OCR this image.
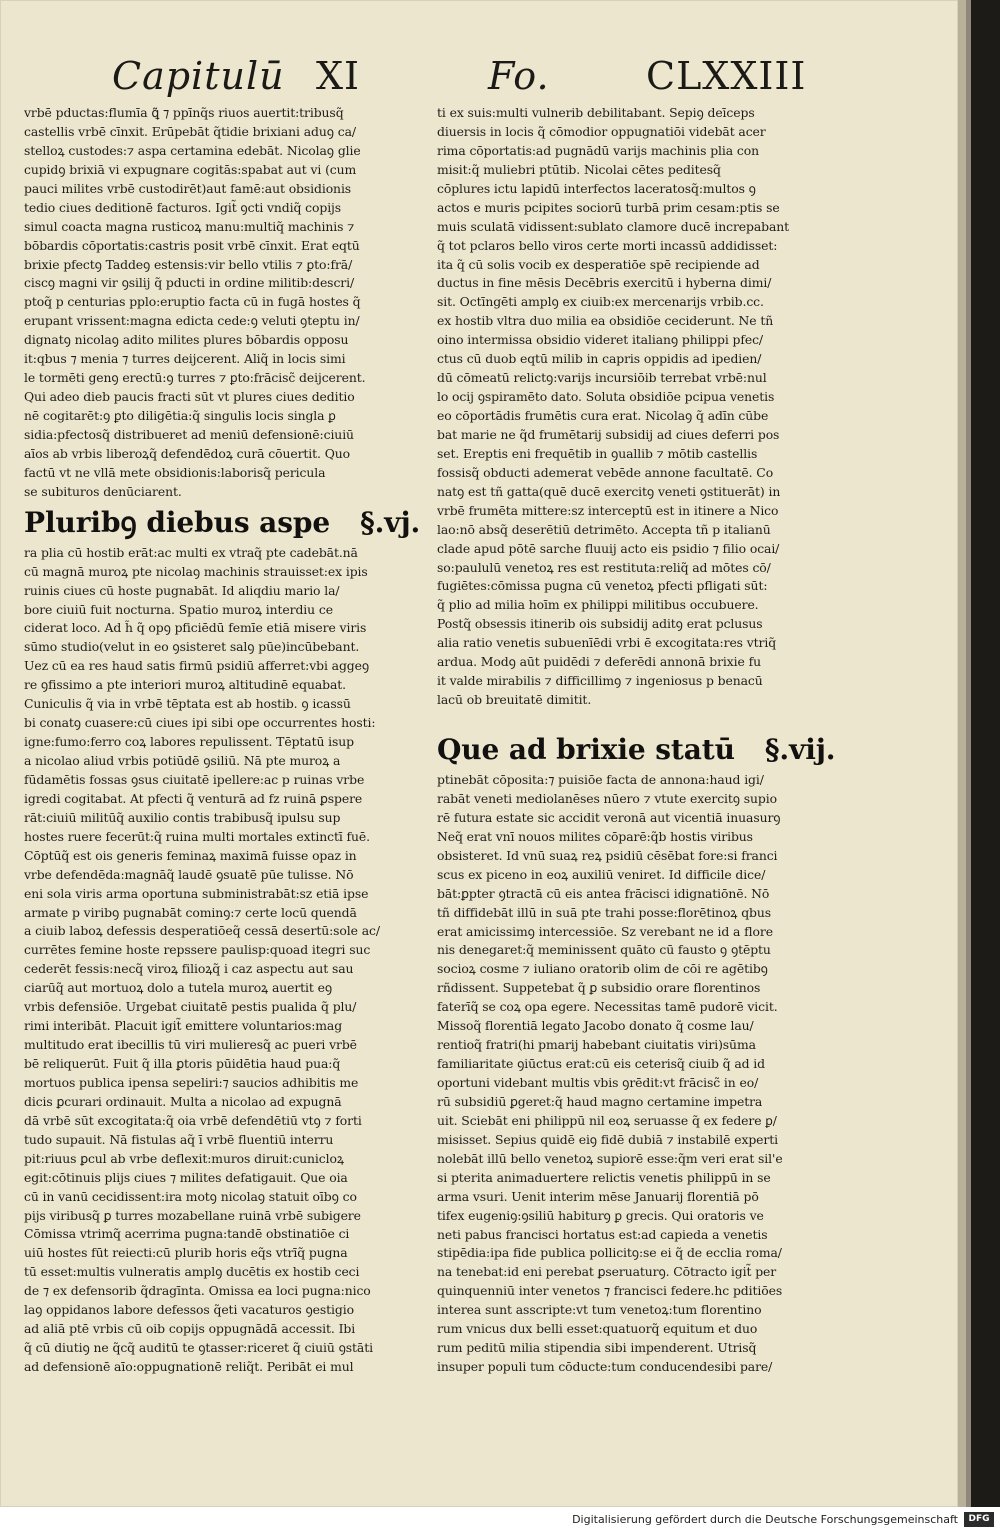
Capitulū XI	Fo.	CLXXIII
vrbē pductas:flumīa ꝗ̃ ⁊ ppīnq̃s riuos auertit:tribusq̃
castellis vrbē cīnxit. Erūpebāt q̃tidie brixiani aduꝯ ca/
stelloꝝ custodes:⁊ aspa certamina edebāt. Nicolaꝯ glie
cupidꝯ brixiā vi expugnare cogitās:spabat aut vi (cum
pauci milites vrbē custodirēt)aut famē:aut obsidionis
tedio ciues deditionē facturos. Igit̃ ꝯcti vndiq̃ copijs
simul coacta magna rusticoꝝ manu:multiq̃ machinis ⁊
bōbardis cōportatis:castris posit vrbē cīnxit. Erat eqtū
brixie pfectꝯ Taddeꝯ estensis:vir bello vtilis ⁊ ꝑto:frā/
ciscꝯ magni vir ꝯsilij q̃ pducti in ordine militib:descri/
ptoq̃ p centurias pplo:eruptio facta cū in fugā hostes q̃
erupant vrissent:magna edicta cede:ꝯ veluti ꝯteptu in/
dignatꝯ nicolaꝯ adito milites plures bōbardis opposu
it:qbus ⁊ menia ⁊ turres deijcerent. Aliq̃ in locis simi
le tormēti genꝯ erectū:ꝯ turres ⁊ ꝑto:frācisc̃ deijcerent.
Qui adeo dieb paucis fracti sūt vt plures ciues deditio
nē cogitarēt:ꝯ ꝑto diligētia:q̃ singulis locis singla ꝑ
sidia:pfectosq̃ distribueret ad meniū defensionē:ciuiū
aīos ab vrbis liberoꝝq̃ defendēdoꝝ curā cōuertit. Quo
factū vt ne vllā mete obsidionis:laborisq̃ pericula
se subituros denūciarent.
Pluribꝯ diebus aspe §.vj.
ra plia cū hostib erāt:ac multi ex vtraq̃ pte cadebāt.nā
cū magnā muroꝝ pte nicolaꝯ machinis strauisset:ex ipis
ruinis ciues cū hoste pugnabāt. Id aliqdiu mario la/
bore ciuiū fuit nocturna. Spatio muroꝝ interdiu ce
ciderat loco. Ad h̃ q̃ opꝯ pficiēdū femīe etiā misere viris
sūmo studio(velut in eo ꝯsisteret salꝯ pūe)incūbebant.
Uez cū ea res haud satis firmū psidiū afferret:vbi aggeꝯ
re ꝯfissimo a pte interiori muroꝝ altitudinē equabat.
Cuniculis q̃ via in vrbē tēptata est ab hostib. ꝯ icassū
bi conatꝯ cuasere:cū ciues ipi sibi ope occurrentes hosti:
igne:fumo:ferro coꝝ labores repulissent. Tēptatū isup
a nicolao aliud vrbis potiūdē ꝯsiliū. Nā pte muroꝝ a
fūdamētis fossas ꝯsus ciuitatē ipellere:ac p ruinas vrbe
igredi cogitabat. At pfecti q̃ venturā ad fz ruinā ꝑspere
rāt:ciuiū militūq̃ auxilio contis trabibusq̃ ipulsu sup
hostes ruere fecerūt:q̃ ruina multi mortales extinctī fuē.
Cōptūq̃ est ois generis feminaꝝ maximā fuisse opaz in
vrbe defendēda:magnāq̃ laudē ꝯsuatē pūe tulisse. Nō
eni sola viris arma oportuna subministrabāt:sz etiā ipse
armate p viribꝯ pugnabāt cominꝯ:⁊ certe locū quendā
a ciuib laboꝝ defessis desperatiōeq̃ cessā desertū:sole ac/
currētes femine hoste repssere paulisp:quoad itegri suc
cederēt fessis:necq̃ viroꝝ filioꝝq̃ i caz aspectu aut sau
ciarūq̃ aut mortuoꝝ dolo a tutela muroꝝ auertit eꝯ
vrbis defensiōe. Urgebat ciuitatē pestis pualida q̃ plu/
rimi interibāt. Placuit igit̃ emittere voluntarios:mag
multitudo erat ibecillis tū viri mulieresq̃ ac pueri vrbē
bē reliquerūt. Fuit q̃ illa ꝑtoris pūidētia haud pua:q̃
mortuos publica ipensa sepeliri:⁊ saucios adhibitis me
dicis ꝑcurari ordinauit. Multa a nicolao ad expugnā
dā vrbē sūt excogitata:q̃ oia vrbē defendētiū vtꝯ ⁊ forti
tudo supauit. Nā fistulas aq̃ ī vrbē fluentiū interru
pit:riuus ꝑcul ab vrbe deflexit:muros diruit:cunicloꝝ
egit:cōtinuis plijs ciues ⁊ milites defatigauit. Que oia
cū in vanū cecidissent:ira motꝯ nicolaꝯ statuit oībꝯ co
pijs viribusq̃ ꝑ turres mozabellane ruinā vrbē subigere
Cōmissa vtrimq̃ acerrima pugna:tandē obstinatiōe ci
uiū hostes fūt reiecti:cū plurib horis eq̃s vtrīq̃ pugna
tū esset:multis vulneratis amplꝯ ducētis ex hostib ceci
de ⁊ ex defensorib q̃dragīnta. Omissa ea loci pugna:nico
laꝯ oppidanos labore defessos q̃eti vacaturos ꝯestigio
ad aliā ptē vrbis cū oib copijs oppugnādā accessit. Ibi
q̃ cū diutiꝯ ne q̃cq̃ auditū te ꝯtasser:riceret q̃ ciuiū ꝯstāti
ad defensionē aīo:oppugnationē reliq̃t. Peribāt ei mul
ti ex suis:multi vulnerib debilitabant. Sepiꝯ deīceps
diuersis in locis q̃ cōmodior oppugnatiōi videbāt acer
rima cōportatis:ad pugnādū varijs machinis plia con
misit:q̃ muliebri ptūtib. Nicolai cētes peditesq̃
cōplures ictu lapidū interfectos laceratosq̃:multos ꝯ
actos e muris pcipites sociorū turbā prim cesam:ptis se
muis sculatā vidissent:sublato clamore ducē increpabant
q̃ tot pclaros bello viros certe morti incassū addidisset:
ita q̃ cū solis vocib ex desperatiōe spē recipiende ad
ductus in fine mēsis Decēbris exercitū i hyberna dimi/
sit. Octīngēti amplꝯ ex ciuib:ex mercenarijs vrbib.cc.
ex hostib vltra duo milia ea obsidiōe ceciderunt. Ne tñ
oino intermissa obsidio videret italianꝯ philippi pfec/
ctus cū duob eqtū milib in capris oppidis ad ipedien/
dū cōmeatū relictꝯ:varijs incursiōib terrebat vrbē:nul
lo ocij ꝯspiramēto dato. Soluta obsidiōe pcipua venetis
eo cōportādis frumētis cura erat. Nicolaꝯ q̃ adīn cūbe
bat marie ne q̃d frumētarij subsidij ad ciues deferri pos
set. Ereptis eni frequētib in ꝯuallib ⁊ mōtib castellis
fossisq̃ obducti ademerat vebēde annone facultatē. Co
natꝯ est tñ gatta(quē ducē exercitꝯ veneti ꝯstituerāt) in
vrbē frumēta mittere:sz interceptū est in itinere a Nico
lao:nō absq̃ deserētiū detrimēto. Accepta tñ p italianū
clade apud pōtē sarche fluuij acto eis psidio ⁊ filio ocai/
so:paululū venetoꝝ res est restituta:reliq̃ ad mōtes cō/
fugiētes:cōmissa pugna cū venetoꝝ pfecti pfligati sūt:
q̃ plio ad milia hoīm ex philippi militibus occubuere.
Postq̃ obsessis itinerib ois subsidij aditꝯ erat pclusus
alia ratio venetis subuenīēdi vrbi ē excogitata:res vtriq̃
ardua. Modꝯ aūt puidēdi ⁊ deferēdi annonā brixie fu
it valde mirabilis ⁊ difficillimꝯ ⁊ ingeniosus p benacū
lacū ob breuitatē dimitit.
Que ad brixie statū §.vij.
ptinebāt cōposita:⁊ puisiōe facta de annona:haud igi/
rabāt veneti mediolanēses nūero ⁊ vtute exercitꝯ supio
rē futura estate sic accidit veronā aut vicentiā inuasurꝯ
Neq̃ erat vnī nouos milites cōparē:q̃b hostis viribus
obsisteret. Id vnū suaꝝ reꝝ psidiū cēsēbat fore:si franci
scus ex piceno in eoꝝ auxiliū veniret. Id difficile dice/
bāt:ꝑpter ꝯtractā cū eis antea frācisci idignatiōnē. Nō
tñ diffidebāt illū in suā pte trahi posse:florētinoꝝ qbus
erat amicissimꝯ intercessiōe. Sz verebant ne id a flore
nis denegaret:q̃ meminissent quāto cū fausto ꝯ ꝯtēptu
socioꝝ cosme ⁊ iuliano oratorib olim de cōi re agētibꝯ
rñdissent. Suppetebat q̃ ꝑ subsidio orare florentinos
faterīq̃ se coꝝ opa egere. Necessitas tamē pudorē vicit.
Missoq̃ florentiā legato Jacobo donato q̃ cosme lau/
rentioq̃ fratri(hi pmarij habebant ciuitatis viri)sūma
familiaritate ꝯiūctus erat:cū eis ceterisq̃ ciuib q̃ ad id
oportuni videbant multis vbis ꝯrēdit:vt frācisc̃ in eo/
rū subsidiū ꝑgeret:q̃ haud magno certamine impetra
uit. Sciebāt eni philippū nil eoꝝ seruasse q̃ ex federe ꝑ/
misisset. Sepius quidē eiꝯ fidē dubiā ⁊ instabilē experti
nolebāt illū bello venetoꝝ supiorē esse:q̃m veri erat sil'e
si pterita animaduertere relictis venetis philippū in se
arma vsuri. Uenit interim mēse Januarij florentiā pō
tifex eugeniꝯ:ꝯsiliū habiturꝯ ꝑ grecis. Qui oratoris ve
neti pabus francisci hortatus est:ad capieda a venetis
stipēdia:ipa fide publica pollicitꝯ:se ei q̃ de ecclia roma/
na tenebat:id eni perebat ꝑseruaturꝯ. Cōtracto igit̃ per
quinquenniū inter venetos ⁊ francisci federe.hc pditiōes
interea sunt asscripte:vt tum venetoꝝ:tum florentino
rum vnicus dux belli esset:quatuorq̃ equitum et duo
rum peditū milia stipendia sibi impenderent. Utrisq̃
insuper populi tum cōducte:tum conducendesibi pare/
Digitalisierung gefördert durch die Deutsche Forschungsgemeinschaft	DFG
